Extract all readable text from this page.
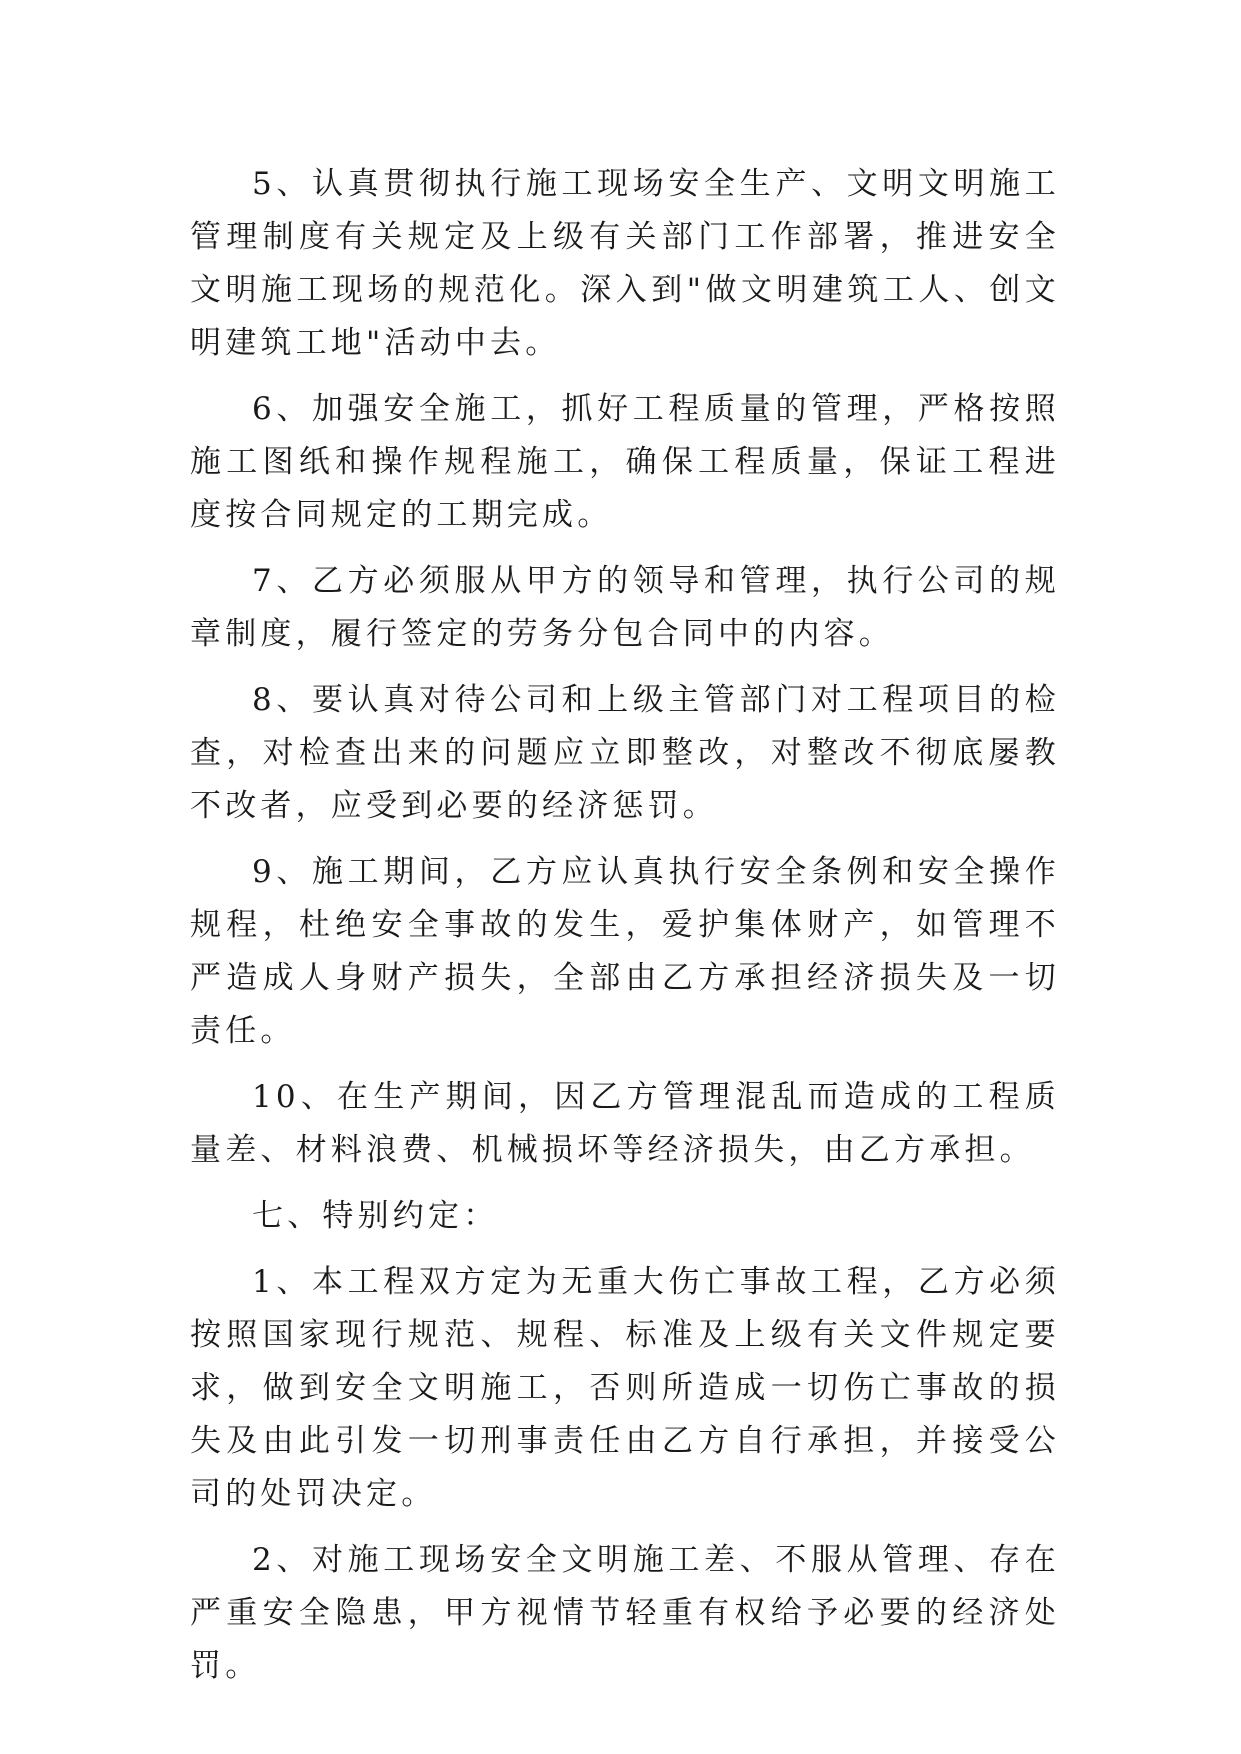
5、认真贯彻执行施工现场安全生产、文明文明施工管理制度有关规定及上级有关部门工作部署，推进安全文明施工现场的规范化。深入到"做文明建筑工人、创文明建筑工地"活动中去。

6、加强安全施工，抓好工程质量的管理，严格按照施工图纸和操作规程施工，确保工程质量，保证工程进度按合同规定的工期完成。

7、乙方必须服从甲方的领导和管理，执行公司的规章制度，履行签定的劳务分包合同中的内容。

8、要认真对待公司和上级主管部门对工程项目的检查，对检查出来的问题应立即整改，对整改不彻底屡教不改者，应受到必要的经济惩罚。

9、施工期间，乙方应认真执行安全条例和安全操作规程，杜绝安全事故的发生，爱护集体财产，如管理不严造成人身财产损失，全部由乙方承担经济损失及一切责任。

10、在生产期间，因乙方管理混乱而造成的工程质量差、材料浪费、机械损坏等经济损失，由乙方承担。

七、特别约定：

1、本工程双方定为无重大伤亡事故工程，乙方必须按照国家现行规范、规程、标准及上级有关文件规定要求，做到安全文明施工，否则所造成一切伤亡事故的损失及由此引发一切刑事责任由乙方自行承担，并接受公司的处罚决定。

2、对施工现场安全文明施工差、不服从管理、存在严重安全隐患，甲方视情节轻重有权给予必要的经济处罚。
